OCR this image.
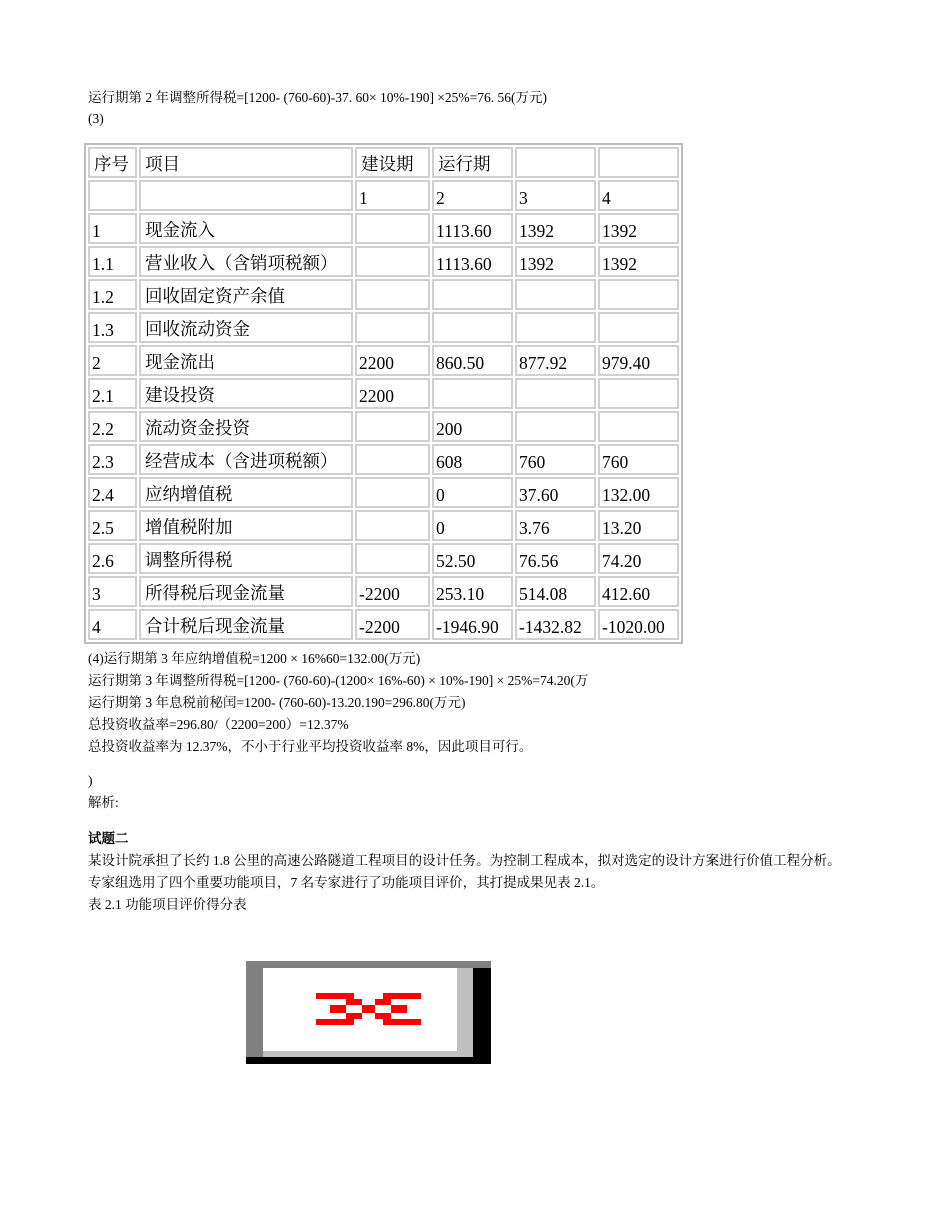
运行期第 2 年调整所得税=[1200- (760-60)-37. 60× 10%-190] ×25%=76. 56(万元)
(3)
序号	项目	建设期	运行期		
		1	2	3	4
1	现金流入		1113.60	1392	1392
1.1	营业收入（含销项税额）		1113.60	1392	1392
1.2	回收固定资产余值				
1.3	回收流动资金				
2	现金流出	2200	860.50	877.92	979.40
2.1	建设投资	2200			
2.2	流动资金投资		200		
2.3	经营成本（含进项税额）		608	760	760
2.4	应纳增值税		0	37.60	132.00
2.5	增值税附加		0	3.76	13.20
2.6	调整所得税		52.50	76.56	74.20
3	所得税后现金流量	-2200	253.10	514.08	412.60
4	合计税后现金流量	-2200	-1946.90	-1432.82	-1020.00
(4)运行期第 3 年应纳增值税=1200 × 16%60=132.00(万元)
运行期第 3 年调整所得税=[1200- (760-60)-(1200× 16%-60) × 10%-190] × 25%=74.20(万
运行期第 3 年息税前秘闰=1200- (760-60)-13.20.190=296.80(万元)
总投资收益率=296.80/（2200=200）=12.37%
总投资收益率为 12.37%，不小于行业平均投资收益率 8%，因此项目可行。
)
解析:
试题二
某设计院承担了长约 1.8 公里的高速公路隧道工程项目的设计任务。为控制工程成本，拟对选定的设计方案进行价值工程分析。
专家组选用了四个重要功能项目，7 名专家进行了功能项目评价，其打提成果见表 2.1。
表 2.1 功能项目评价得分表
